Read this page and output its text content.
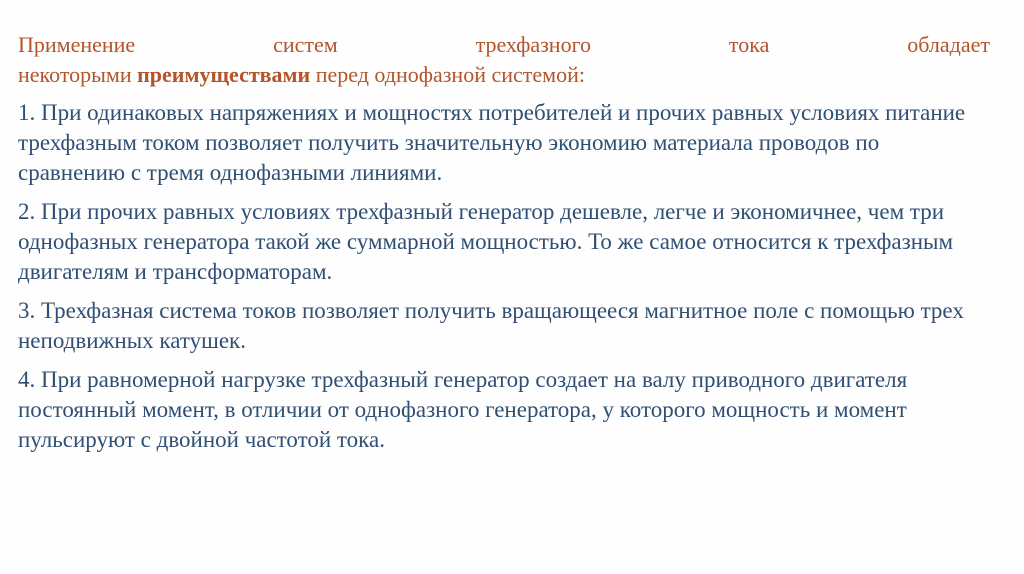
Применение	систем	трехфазного	тока	обладает
некоторыми преимуществами перед однофазной системой:

1. При одинаковых напряжениях и мощностях потребителей и прочих равных условиях питание трехфазным током позволяет получить значительную экономию материала проводов по сравнению с тремя однофазными линиями.

2. При прочих равных условиях трехфазный генератор дешевле, легче и экономичнее, чем три однофазных генератора такой же суммарной мощностью. То же самое относится к трехфазным двигателям и трансформаторам.

3. Трехфазная система токов позволяет получить вращающееся магнитное поле с помощью трех неподвижных катушек.

4. При равномерной нагрузке трехфазный генератор создает на валу приводного двигателя постоянный момент, в отличии от однофазного генератора, у которого мощность и момент пульсируют с двойной частотой тока.
